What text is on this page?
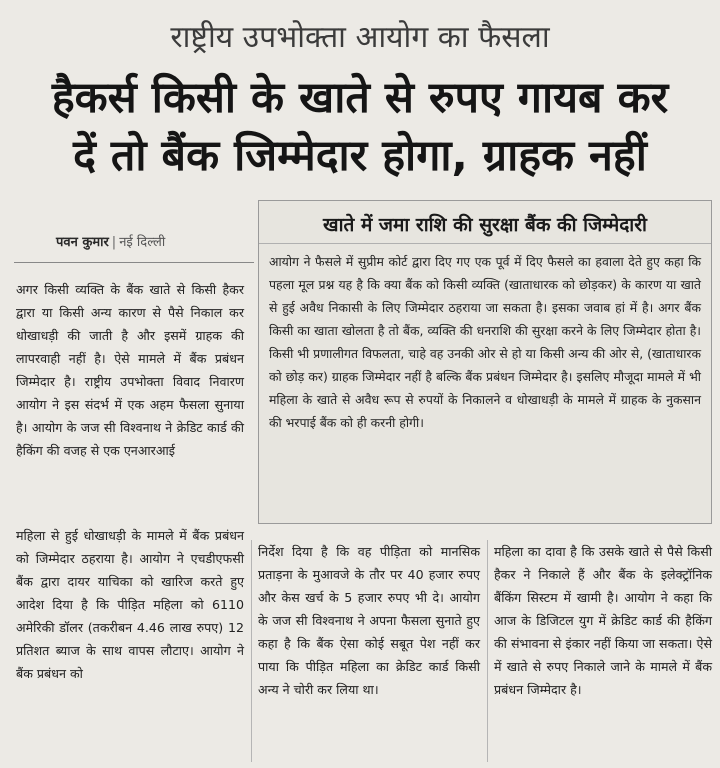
राष्ट्रीय उपभोक्ता आयोग का फैसला
हैकर्स किसी के खाते से रुपए गायब कर
दें तो बैंक जिम्मेदार होगा, ग्राहक नहीं
पवन कुमार | नई दिल्ली
खाते में जमा राशि की सुरक्षा बैंक की जिम्मेदारी
आयोग ने फैसले में सुप्रीम कोर्ट द्वारा दिए गए एक पूर्व में दिए फैसले का हवाला देते हुए कहा कि पहला मूल प्रश्न यह है कि क्या बैंक को किसी व्यक्ति (खाताधारक को छोड़कर) के कारण या खाते से हुई अवैध निकासी के लिए जिम्मेदार ठहराया जा सकता है। इसका जवाब हां में है। अगर बैंक किसी का खाता खोलता है तो बैंक, व्यक्ति की धनराशि की सुरक्षा करने के लिए जिम्मेदार होता है। किसी भी प्रणालीगत विफलता, चाहे वह उनकी ओर से हो या किसी अन्य की ओर से, (खाताधारक को छोड़ कर) ग्राहक जिम्मेदार नहीं है बल्कि बैंक प्रबंधन जिम्मेदार है। इसलिए मौजूदा मामले में भी महिला के खाते से अवैध रूप से रुपयों के निकालने व धोखाधड़ी के मामले में ग्राहक के नुकसान की भरपाई बैंक को ही करनी होगी।
अगर किसी व्यक्ति के बैंक खाते से किसी हैकर द्वारा या किसी अन्य कारण से पैसे निकाल कर धोखाधड़ी की जाती है और इसमें ग्राहक की लापरवाही नहीं है। ऐसे मामले में बैंक प्रबंधन जिम्मेदार है। राष्ट्रीय उपभोक्ता विवाद निवारण आयोग ने इस संदर्भ में एक अहम फैसला सुनाया है। आयोग के जज सी विश्वनाथ ने क्रेडिट कार्ड की हैकिंग की वजह से एक एनआरआई
महिला से हुई धोखाधड़ी के मामले में बैंक प्रबंधन को जिम्मेदार ठहराया है। आयोग ने एचडीएफसी बैंक द्वारा दायर याचिका को खारिज करते हुए आदेश दिया है कि पीड़ित महिला को 6110 अमेरिकी डॉलर (तकरीबन 4.46 लाख रुपए) 12 प्रतिशत ब्याज के साथ वापस लौटाए। आयोग ने बैंक प्रबंधन को
निर्देश दिया है कि वह पीड़िता को मानसिक प्रताड़ना के मुआवजे के तौर पर 40 हजार रुपए और केस खर्च के 5 हजार रुपए भी दे। आयोग के जज सी विश्वनाथ ने अपना फैसला सुनाते हुए कहा है कि बैंक ऐसा कोई सबूत पेश नहीं कर पाया कि पीड़ित महिला का क्रेडिट कार्ड किसी अन्य ने चोरी कर लिया था।
महिला का दावा है कि उसके खाते से पैसे किसी हैकर ने निकाले हैं और बैंक के इलेक्ट्रॉनिक बैंकिंग सिस्टम में खामी है। आयोग ने कहा कि आज के डिजिटल युग में क्रेडिट कार्ड की हैकिंग की संभावना से इंकार नहीं किया जा सकता। ऐसे में खाते से रुपए निकाले जाने के मामले में बैंक प्रबंधन जिम्मेदार है।
